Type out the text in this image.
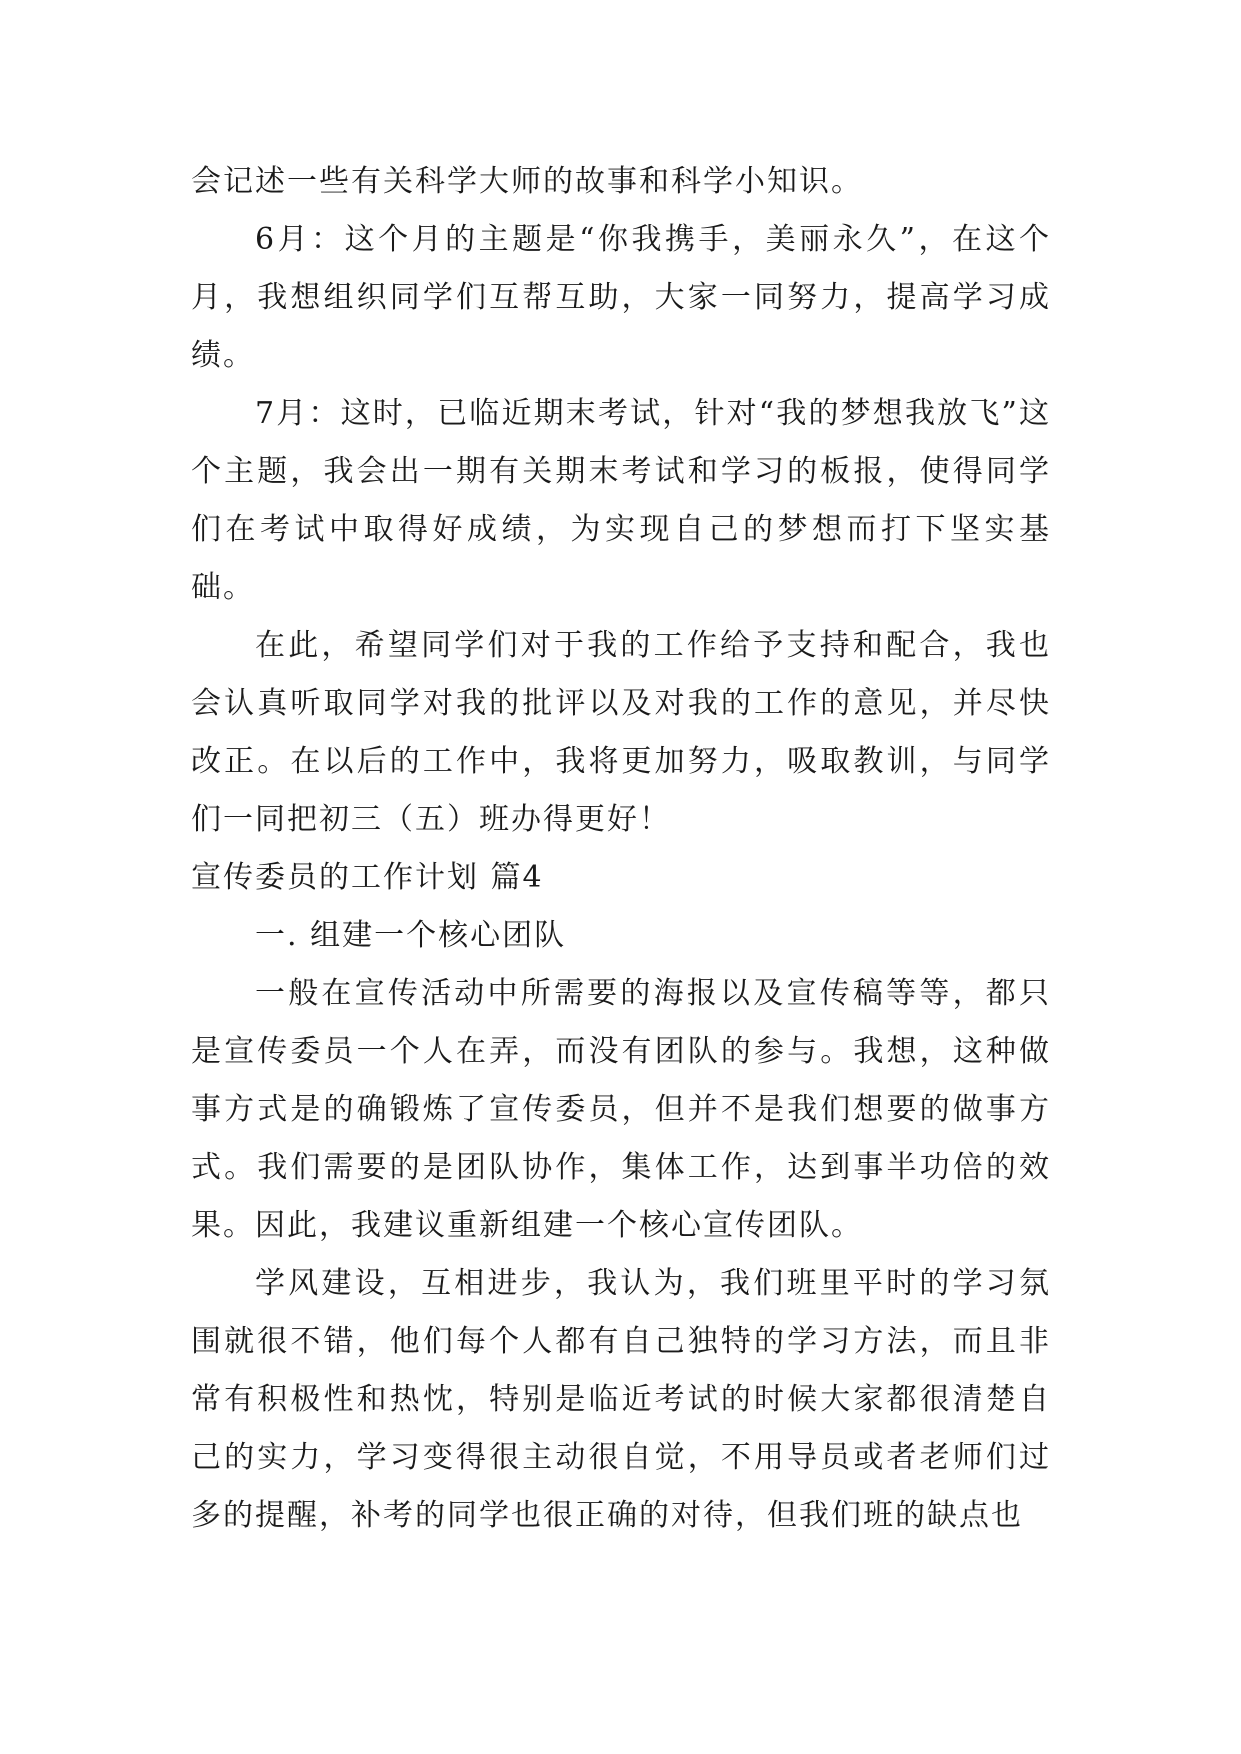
会记述一些有关科学大师的故事和科学小知识。

6月：这个月的主题是“你我携手，美丽永久”，在这个月，我想组织同学们互帮互助，大家一同努力，提高学习成绩。

7月：这时，已临近期末考试，针对“我的梦想我放飞”这个主题，我会出一期有关期末考试和学习的板报，使得同学们在考试中取得好成绩，为实现自己的梦想而打下坚实基础。

在此，希望同学们对于我的工作给予支持和配合，我也会认真听取同学对我的批评以及对我的工作的意见，并尽快改正。在以后的工作中，我将更加努力，吸取教训，与同学们一同把初三（五）班办得更好！

宣传委员的工作计划 篇4

一. 组建一个核心团队

一般在宣传活动中所需要的海报以及宣传稿等等，都只是宣传委员一个人在弄，而没有团队的参与。我想，这种做事方式是的确锻炼了宣传委员，但并不是我们想要的做事方式。我们需要的是团队协作，集体工作，达到事半功倍的效果。因此，我建议重新组建一个核心宣传团队。

学风建设，互相进步，我认为，我们班里平时的学习氛围就很不错，他们每个人都有自己独特的学习方法，而且非常有积极性和热忱，特别是临近考试的时候大家都很清楚自己的实力，学习变得很主动很自觉，不用导员或者老师们过多的提醒，补考的同学也很正确的对待，但我们班的缺点也
